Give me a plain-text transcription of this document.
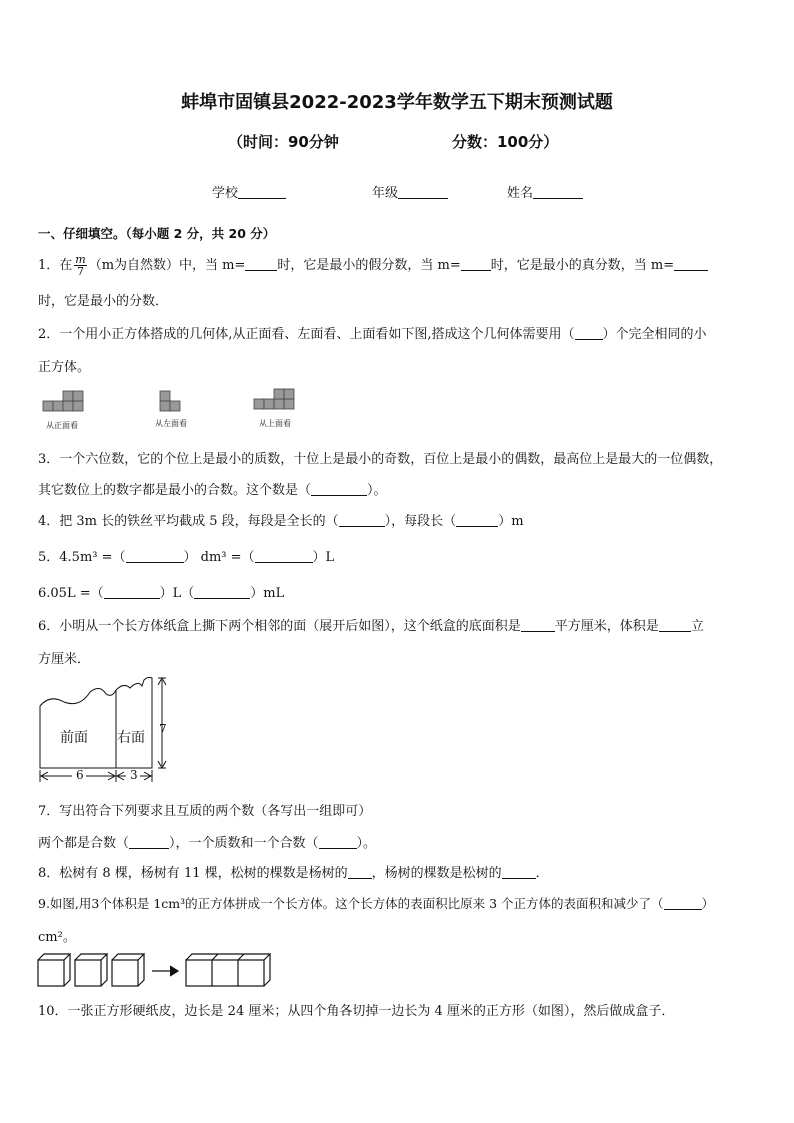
蚌埠市固镇县2022-2023学年数学五下期末预测试题
（时间：90分钟	分数：100分）
学校	年级	姓名
一、仔细填空。（每小题 2 分，共 20 分）
1．在 $\frac{m}{7} (m$为自然数）中，当 m= 时，它是最小的假分数，当 m= 时，它是最小的真分数，当 m=
时，它是最小的分数．
2．一个用小正方体搭成的几何体,从正面看、左面看、上面看如下图,搭成这个几何体需要用（ ）个完全相同的小
正方体。
从正面看	从左面看	从上面看
3．一个六位数，它的个位上是最小的质数，十位上是最小的奇数，百位上是最小的偶数，最高位上是最大的一位偶数，
其它数位上的数字都是最小的合数。这个数是（	）。
4．把 3m 长的铁丝平均截成 5 段，每段是全长的（	），每段长（	）m
5．4.5m³ =（	） dm³ =（	）L
6.05L =（	）L（	）mL
6．小明从一个长方体纸盒上撕下两个相邻的面（展开后如图），这个纸盒的底面积是	平方厘米，体积是 立
方厘米．
前面 右面
6	3
7
7．写出符合下列要求且互质的两个数（各写出一组即可）
两个都是合数（	），一个质数和一个合数（	）。
8．松树有 8 棵，杨树有 11 棵，松树的棵数是杨树的 ，杨树的棵数是松树的	．
9.如图,用3个体积是 1cm³的正方体拼成一个长方体。这个长方体的表面积比原来 3 个正方体的表面积和减少了（	）
cm²。
10．一张正方形硬纸皮，边长是 24 厘米；从四个角各切掉一边长为 4 厘米的正方形（如图），然后做成盒子．
